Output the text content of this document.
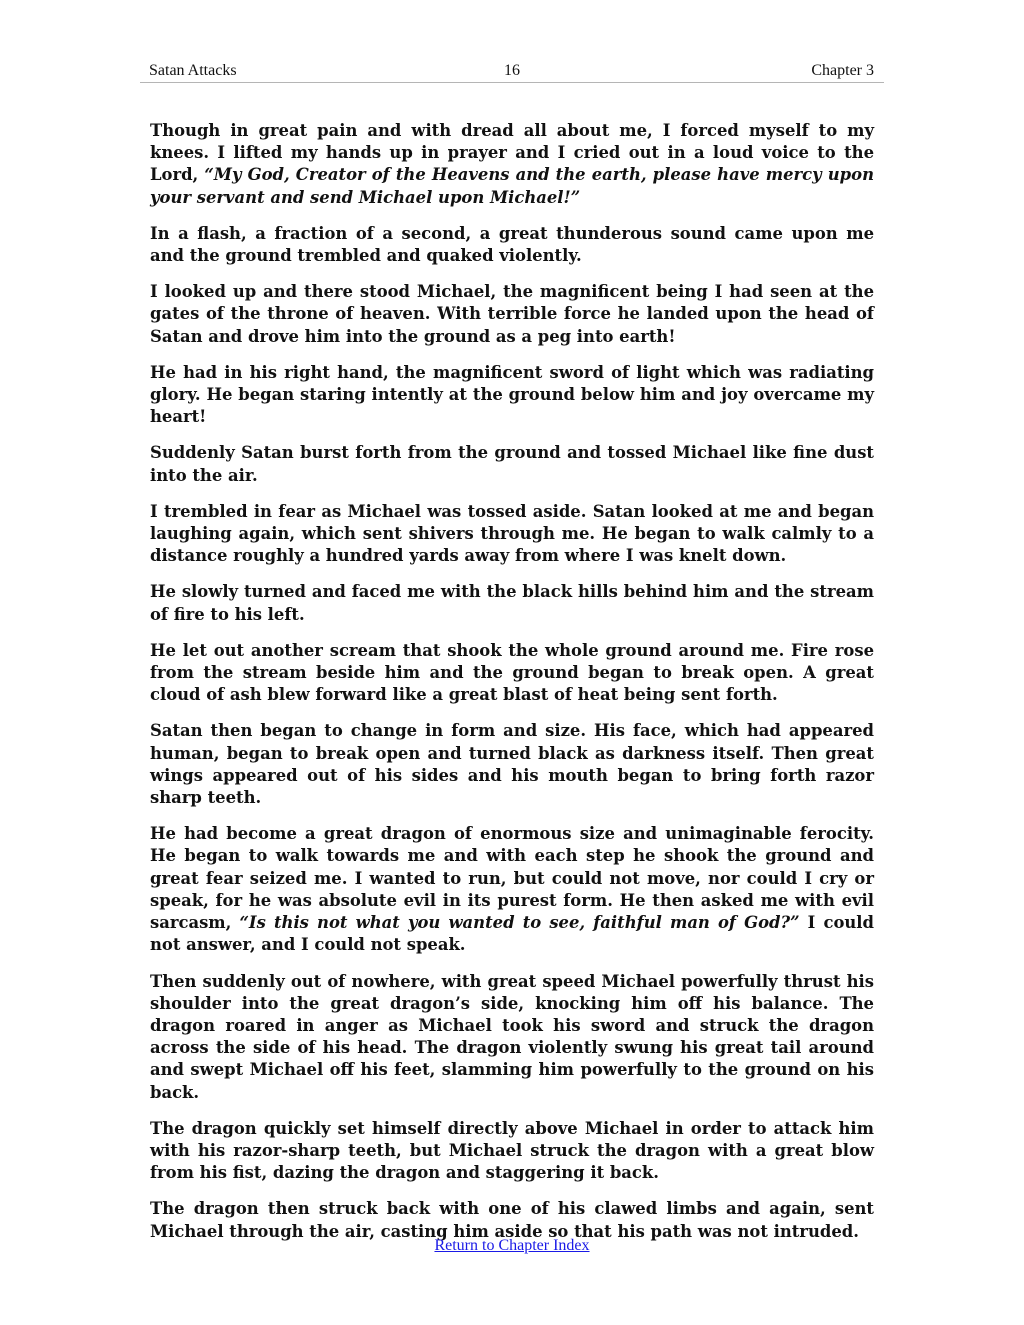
Satan Attacks	16	Chapter 3

Though in great pain and with dread all about me, I forced myself to my knees. I lifted my hands up in prayer and I cried out in a loud voice to the Lord, “My God, Creator of the Heavens and the earth, please have mercy upon your servant and send Michael upon Michael!”

In a flash, a fraction of a second, a great thunderous sound came upon me and the ground trembled and quaked violently.

I looked up and there stood Michael, the magnificent being I had seen at the gates of the throne of heaven. With terrible force he landed upon the head of Satan and drove him into the ground as a peg into earth!

He had in his right hand, the magnificent sword of light which was radiating glory. He began staring intently at the ground below him and joy overcame my heart!

Suddenly Satan burst forth from the ground and tossed Michael like fine dust into the air.

I trembled in fear as Michael was tossed aside. Satan looked at me and began laughing again, which sent shivers through me. He began to walk calmly to a distance roughly a hundred yards away from where I was knelt down.

He slowly turned and faced me with the black hills behind him and the stream of fire to his left.

He let out another scream that shook the whole ground around me. Fire rose from the stream beside him and the ground began to break open. A great cloud of ash blew forward like a great blast of heat being sent forth.

Satan then began to change in form and size. His face, which had appeared human, began to break open and turned black as darkness itself. Then great wings appeared out of his sides and his mouth began to bring forth razor sharp teeth.

He had become a great dragon of enormous size and unimaginable ferocity. He began to walk towards me and with each step he shook the ground and great fear seized me. I wanted to run, but could not move, nor could I cry or speak, for he was absolute evil in its purest form. He then asked me with evil sarcasm, “Is this not what you wanted to see, faithful man of God?” I could not answer, and I could not speak.

Then suddenly out of nowhere, with great speed Michael powerfully thrust his shoulder into the great dragon’s side, knocking him off his balance. The dragon roared in anger as Michael took his sword and struck the dragon across the side of his head. The dragon violently swung his great tail around and swept Michael off his feet, slamming him powerfully to the ground on his back.

The dragon quickly set himself directly above Michael in order to attack him with his razor-sharp teeth, but Michael struck the dragon with a great blow from his fist, dazing the dragon and staggering it back.

The dragon then struck back with one of his clawed limbs and again, sent Michael through the air, casting him aside so that his path was not intruded.

Return to Chapter Index
